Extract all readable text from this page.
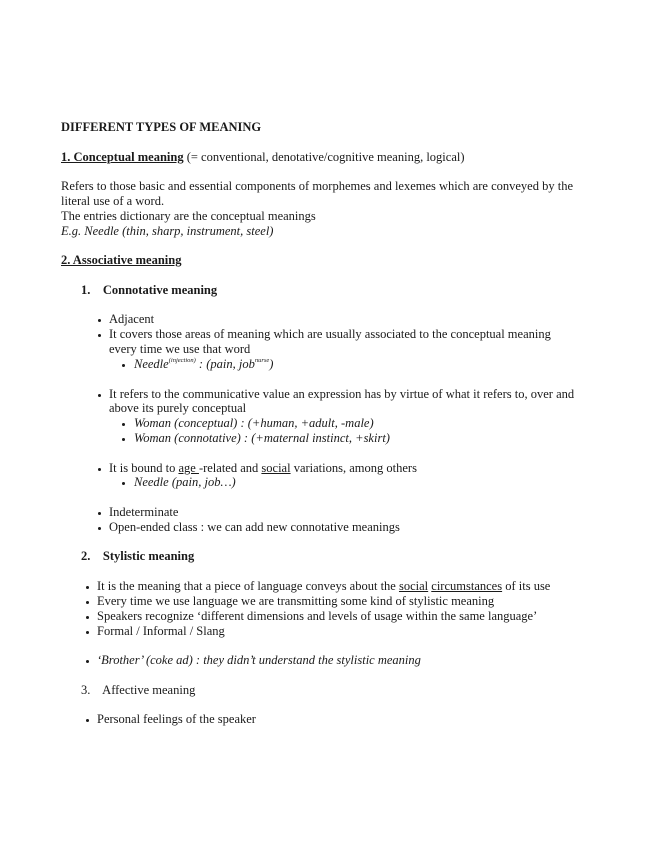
DIFFERENT TYPES OF MEANING
1. Conceptual meaning (= conventional, denotative/cognitive meaning, logical)
Refers to those basic and essential components of morphemes and lexemes which are conveyed by the
literal use of a word.
The entries dictionary are the conceptual meanings
E.g. Needle (thin, sharp, instrument, steel)
2. Associative meaning
1.    Connotative meaning
Adjacent
It covers those areas of meaning which are usually associated to the conceptual meaning
every time we use that word
Needle$^{(injection)}$ : (pain, job$^{nurse}$)
It refers to the communicative value an expression has by virtue of what it refers to, over and
above its purely conceptual
Woman (conceptual) : (+human, +adult, -male)
Woman (connotative) : (+maternal instinct, +skirt)
It is bound to age -related and social variations, among others
Needle (pain, job…)
Indeterminate
Open-ended class : we can add new connotative meanings
2.    Stylistic meaning
It is the meaning that a piece of language conveys about the social circumstances of its use
Every time we use language we are transmitting some kind of stylistic meaning
Speakers recognize ‘different dimensions and levels of usage within the same language’
Formal / Informal / Slang
‘Brother’ (coke ad) : they didn’t understand the stylistic meaning
3.    Affective meaning
Personal feelings of the speaker
